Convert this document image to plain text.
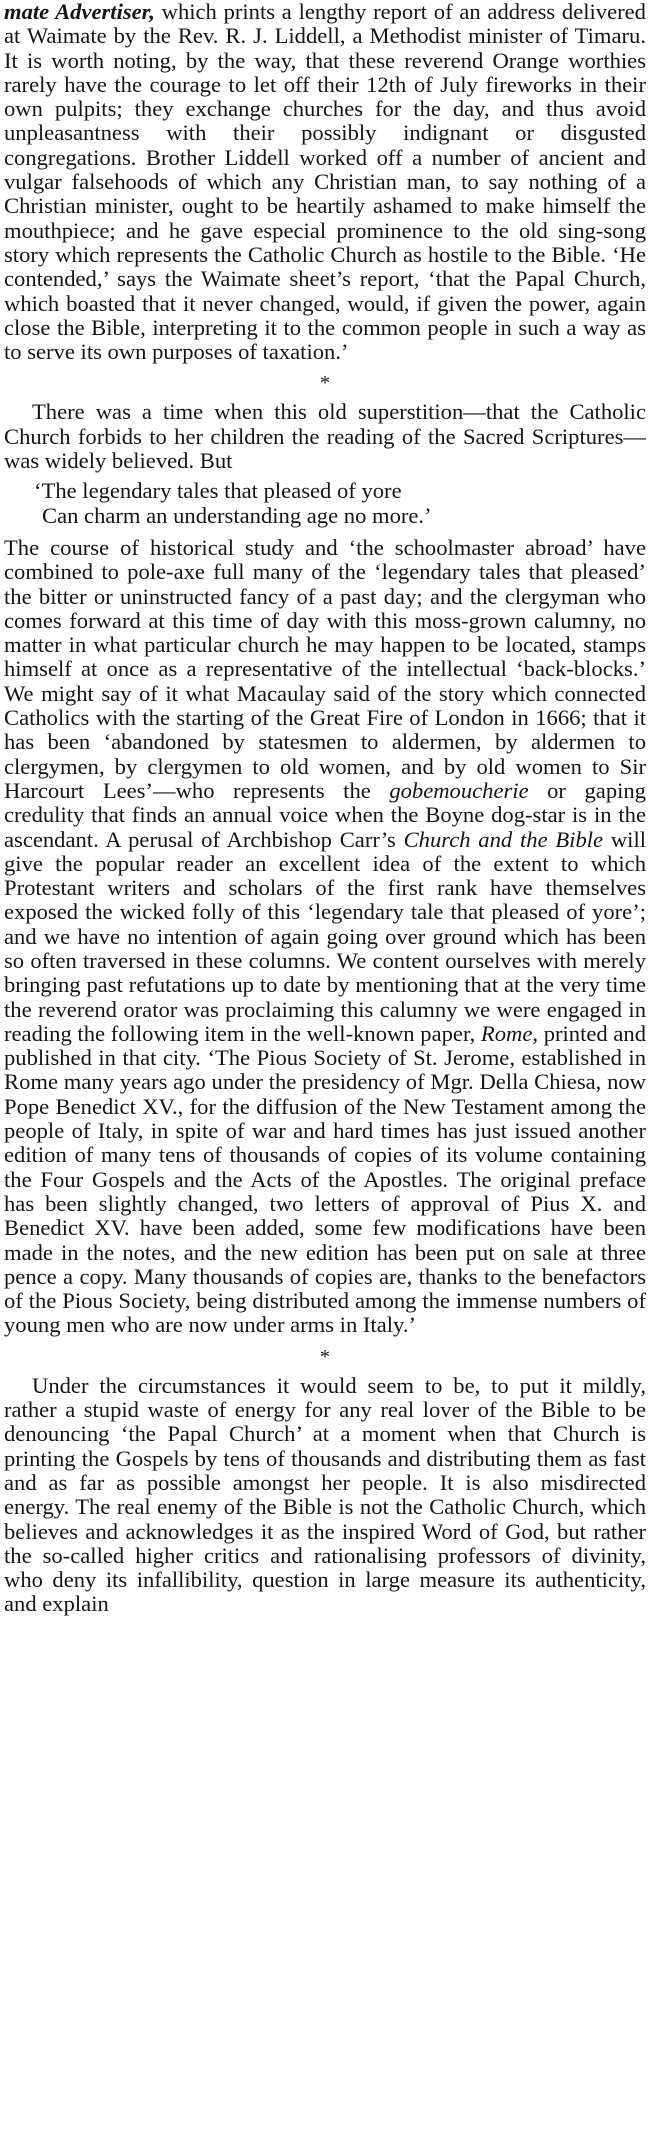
mate Advertiser, which prints a lengthy report of an address delivered at Waimate by the Rev. R. J. Liddell, a Methodist minister of Timaru. It is worth noting, by the way, that these reverend Orange worthies rarely have the courage to let off their 12th of July fireworks in their own pulpits; they exchange churches for the day, and thus avoid unpleasantness with their possibly indignant or disgusted congregations. Brother Liddell worked off a number of ancient and vulgar falsehoods of which any Christian man, to say nothing of a Christian minister, ought to be heartily ashamed to make himself the mouthpiece; and he gave especial prominence to the old sing-song story which represents the Catholic Church as hostile to the Bible. ‘He contended,’ says the Waimate sheet’s report, ‘that the Papal Church, which boasted that it never changed, would, if given the power, again close the Bible, interpreting it to the common people in such a way as to serve its own purposes of taxation.’

*

There was a time when this old superstition—that the Catholic Church forbids to her children the reading of the Sacred Scriptures—was widely believed. But

‘The legendary tales that pleased of yore
Can charm an understanding age no more.’

The course of historical study and ‘the schoolmaster abroad’ have combined to pole-axe full many of the ‘legendary tales that pleased’ the bitter or uninstructed fancy of a past day; and the clergyman who comes forward at this time of day with this moss-grown calumny, no matter in what particular church he may happen to be located, stamps himself at once as a representative of the intellectual ‘back-blocks.’ We might say of it what Macaulay said of the story which connected Catholics with the starting of the Great Fire of London in 1666; that it has been ‘abandoned by statesmen to aldermen, by aldermen to clergymen, by clergymen to old women, and by old women to Sir Harcourt Lees’—who represents the gobemoucherie or gaping credulity that finds an annual voice when the Boyne dog-star is in the ascendant. A perusal of Archbishop Carr’s Church and the Bible will give the popular reader an excellent idea of the extent to which Protestant writers and scholars of the first rank have themselves exposed the wicked folly of this ‘legendary tale that pleased of yore’; and we have no intention of again going over ground which has been so often traversed in these columns. We content ourselves with merely bringing past refutations up to date by mentioning that at the very time the reverend orator was proclaiming this calumny we were engaged in reading the following item in the well-known paper, Rome, printed and published in that city. ‘The Pious Society of St. Jerome, established in Rome many years ago under the presidency of Mgr. Della Chiesa, now Pope Benedict XV., for the diffusion of the New Testament among the people of Italy, in spite of war and hard times has just issued another edition of many tens of thousands of copies of its volume containing the Four Gospels and the Acts of the Apostles. The original preface has been slightly changed, two letters of approval of Pius X. and Benedict XV. have been added, some few modifications have been made in the notes, and the new edition has been put on sale at three pence a copy. Many thousands of copies are, thanks to the benefactors of the Pious Society, being distributed among the immense numbers of young men who are now under arms in Italy.’

*

Under the circumstances it would seem to be, to put it mildly, rather a stupid waste of energy for any real lover of the Bible to be denouncing ‘the Papal Church’ at a moment when that Church is printing the Gospels by tens of thousands and distributing them as fast and as far as possible amongst her people. It is also misdirected energy. The real enemy of the Bible is not the Catholic Church, which believes and acknowledges it as the inspired Word of God, but rather the so-called higher critics and rationalising professors of divinity, who deny its infallibility, question in large measure its authenticity, and explain
